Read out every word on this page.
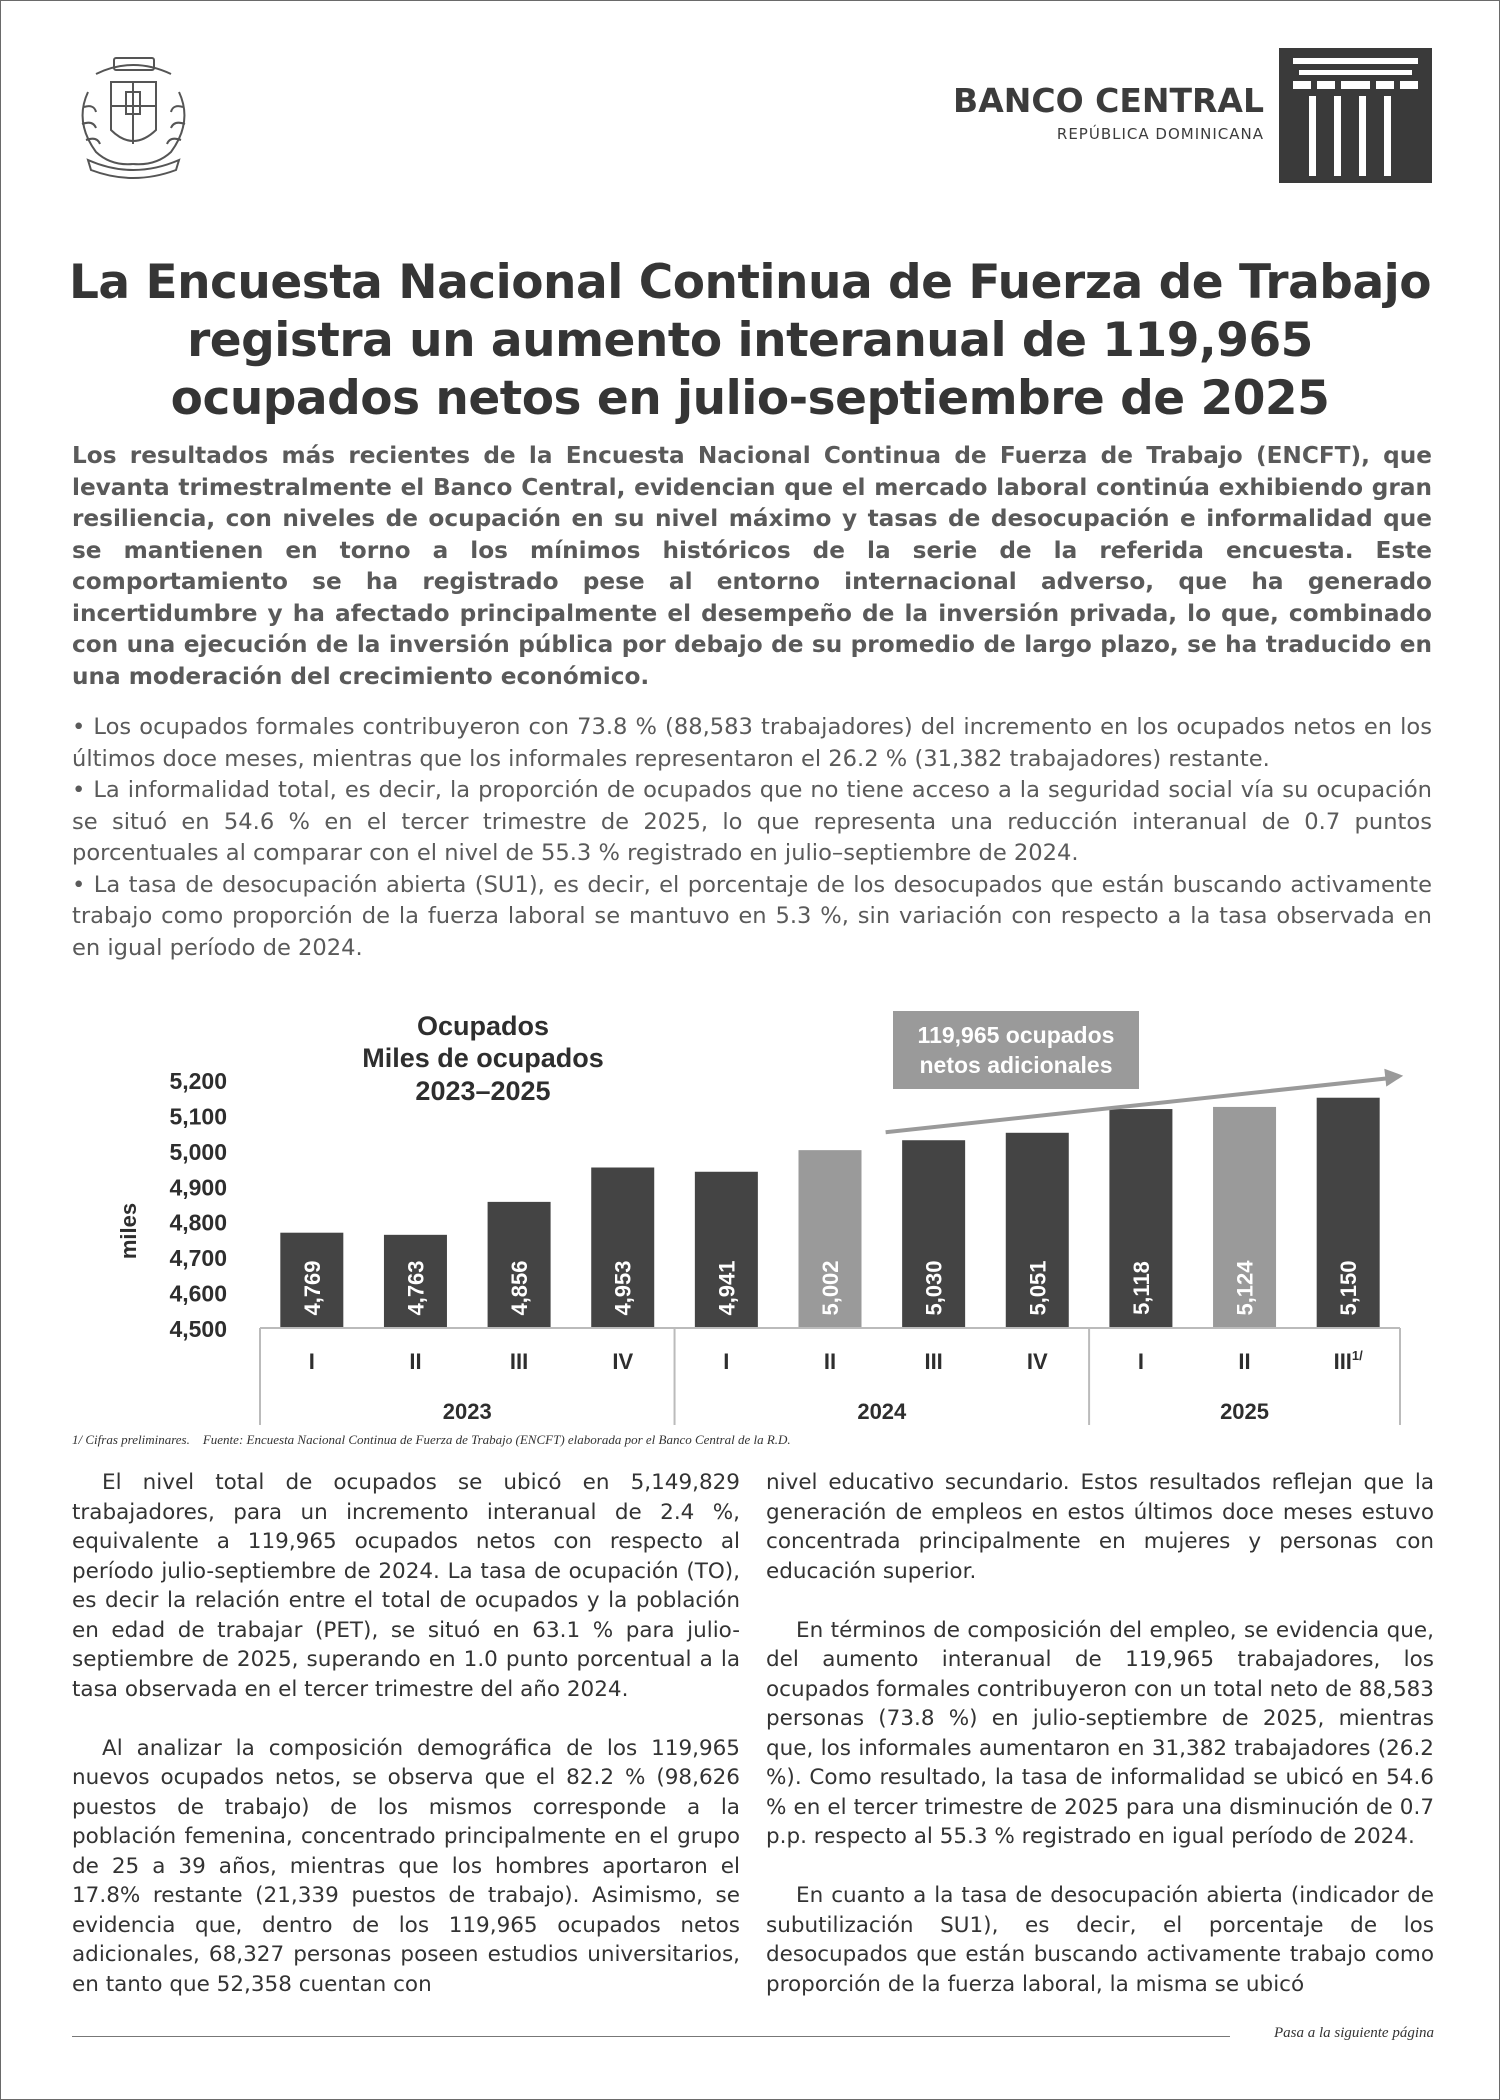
BANCO CENTRAL
REPÚBLICA DOMINICANA
La Encuesta Nacional Continua de Fuerza de Trabajo registra un aumento interanual de 119,965 ocupados netos en julio-septiembre de 2025

Los resultados más recientes de la Encuesta Nacional Continua de Fuerza de Trabajo (ENCFT), que levanta trimestralmente el Banco Central, evidencian que el mercado laboral continúa exhibiendo gran resiliencia, con niveles de ocupación en su nivel máximo y tasas de desocupación e informalidad que se mantienen en torno a los mínimos históricos de la serie de la referida encuesta. Este comportamiento se ha registrado pese al entorno internacional adverso, que ha generado incertidumbre y ha afectado principalmente el desempeño de la inversión privada, lo que, combinado con una ejecución de la inversión pública por debajo de su promedio de largo plazo, se ha traducido en una moderación del crecimiento económico.

• Los ocupados formales contribuyeron con 73.8 % (88,583 trabajadores) del incremento en los ocupados netos en los últimos doce meses, mientras que los informales representaron el 26.2 % (31,382 trabajadores) restante.
• La informalidad total, es decir, la proporción de ocupados que no tiene acceso a la seguridad social vía su ocupación se situó en 54.6 % en el tercer trimestre de 2025, lo que representa una reducción interanual de 0.7 puntos porcentuales al comparar con el nivel de 55.3 % registrado en julio–septiembre de 2024.
• La tasa de desocupación abierta (SU1), es decir, el porcentaje de los desocupados que están buscando activamente trabajo como proporción de la fuerza laboral se mantuvo en 5.3 %, sin variación con respecto a la tasa observada en en igual período de 2024.
Ocupados
Miles de ocupados
2023–2025
miles
4,500
4,600
4,700
4,800
4,900
5,000
5,100
5,200
4,769	4,763	4,856	4,953	4,941	5,002	5,030	5,051	5,118	5,124	5,150
I	II	III	IV	I	II	III	IV	I	II	$III^{1/}$
2023	2024	2025
119,965 ocupados
netos adicionales
1/ Cifras preliminares.    Fuente: Encuesta Nacional Continua de Fuerza de Trabajo (ENCFT) elaborada por el Banco Central de la R.D.

El nivel total de ocupados se ubicó en 5,149,829 trabajadores, para un incremento interanual de 2.4 %, equivalente a 119,965 ocupados netos con respecto al período julio-septiembre de 2024. La tasa de ocupación (TO), es decir la relación entre el total de ocupados y la población en edad de trabajar (PET), se situó en 63.1 % para julio-septiembre de 2025, superando en 1.0 punto porcentual a la tasa observada en el tercer trimestre del año 2024.

Al analizar la composición demográfica de los 119,965 nuevos ocupados netos, se observa que el 82.2 % (98,626 puestos de trabajo) de los mismos corresponde a la población femenina, concentrado principalmente en el grupo de 25 a 39 años, mientras que los hombres aportaron el 17.8% restante (21,339 puestos de trabajo). Asimismo, se evidencia que, dentro de los 119,965 ocupados netos adicionales, 68,327 personas poseen estudios universitarios, en tanto que 52,358 cuentan con

nivel educativo secundario. Estos resultados reflejan que la generación de empleos en estos últimos doce meses estuvo concentrada principalmente en mujeres y personas con educación superior.

En términos de composición del empleo, se evidencia que, del aumento interanual de 119,965 trabajadores, los ocupados formales contribuyeron con un total neto de 88,583 personas (73.8 %) en julio-septiembre de 2025, mientras que, los informales aumentaron en 31,382 trabajadores (26.2 %). Como resultado, la tasa de informalidad se ubicó en 54.6 % en el tercer trimestre de 2025 para una disminución de 0.7 p.p. respecto al 55.3 % registrado en igual período de 2024.

En cuanto a la tasa de desocupación abierta (indicador de subutilización SU1), es decir, el porcentaje de los desocupados que están buscando activamente trabajo como proporción de la fuerza laboral, la misma se ubicó

Pasa a la siguiente página
